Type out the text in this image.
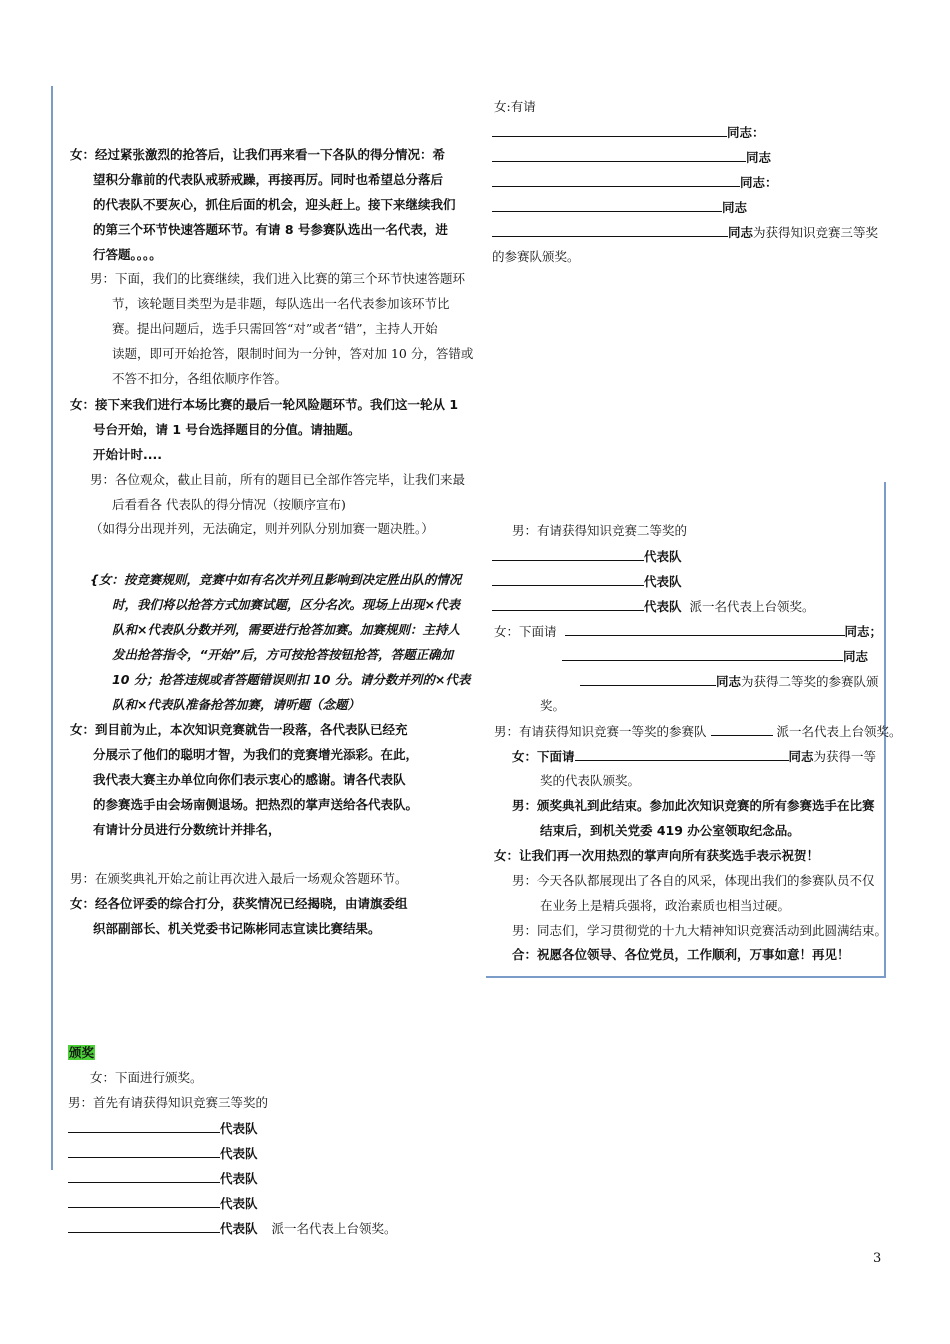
女：经过紧张激烈的抢答后，让我们再来看一下各队的得分情况：希
望积分靠前的代表队戒骄戒躁，再接再厉。同时也希望总分落后
的代表队不要灰心，抓住后面的机会，迎头赶上。接下来继续我们
的第三个环节快速答题环节。有请 8 号参赛队选出一名代表，进
行答题。。。。
男：下面，我们的比赛继续，我们进入比赛的第三个环节快速答题环
节，该轮题目类型为是非题，每队选出一名代表参加该环节比
赛。提出问题后，选手只需回答“对”或者“错”，主持人开始
读题，即可开始抢答，限制时间为一分钟，答对加 10 分，答错或
不答不扣分，各组依顺序作答。
女：接下来我们进行本场比赛的最后一轮风险题环节。我们这一轮从 1
号台开始，请 1 号台选择题目的分值。请抽题。
开始计时....
男：各位观众，截止目前，所有的题目已全部作答完毕，让我们来最
后看看各 代表队的得分情况（按顺序宣布)
（如得分出现并列，无法确定，则并列队分别加赛一题决胜。）
{女：按竞赛规则，竞赛中如有名次并列且影响到决定胜出队的情况
时，我们将以抢答方式加赛试题，区分名次。现场上出现×代表
队和×代表队分数并列，需要进行抢答加赛。加赛规则：主持人
发出抢答指令，“开始”后，方可按抢答按钮抢答，答题正确加
10 分；抢答违规或者答题错误则扣 10 分。请分数并列的×代表
队和×代表队准备抢答加赛，请听题（念题）
女：到目前为止，本次知识竞赛就告一段落，各代表队已经充
分展示了他们的聪明才智，为我们的竞赛增光添彩。在此，
我代表大赛主办单位向你们表示衷心的感谢。请各代表队
的参赛选手由会场南侧退场。把热烈的掌声送给各代表队。
有请计分员进行分数统计并排名，
男：在颁奖典礼开始之前让再次进入最后一场观众答题环节。
女：经各位评委的综合打分，获奖情况已经揭晓，由请旗委组
织部副部长、机关党委书记陈彬同志宣读比赛结果。
颁奖
女：下面进行颁奖。
男：首先有请获得知识竞赛三等奖的
代表队
代表队
代表队
代表队
代表队 派一名代表上台领奖。
女:有请
同志：
同志
同志：
同志
同志为获得知识竞赛三等奖
的参赛队颁奖。
男：有请获得知识竞赛二等奖的
代表队
代表队
代表队 派一名代表上台领奖。
女：下面请	同志；
同志
同志为获得二等奖的参赛队颁
奖。
男：有请获得知识竞赛一等奖的参赛队	派一名代表上台领奖。
女：下面请	同志为获得一等
奖的代表队颁奖。
男：颁奖典礼到此结束。参加此次知识竞赛的所有参赛选手在比赛
结束后，到机关党委 419 办公室领取纪念品。
女：让我们再一次用热烈的掌声向所有获奖选手表示祝贺！
男：今天各队都展现出了各自的风采，体现出我们的参赛队员不仅
在业务上是精兵强将，政治素质也相当过硬。
男：同志们，学习贯彻党的十九大精神知识竞赛活动到此圆满结束。
合：祝愿各位领导、各位党员，工作顺利，万事如意！再见！
3
